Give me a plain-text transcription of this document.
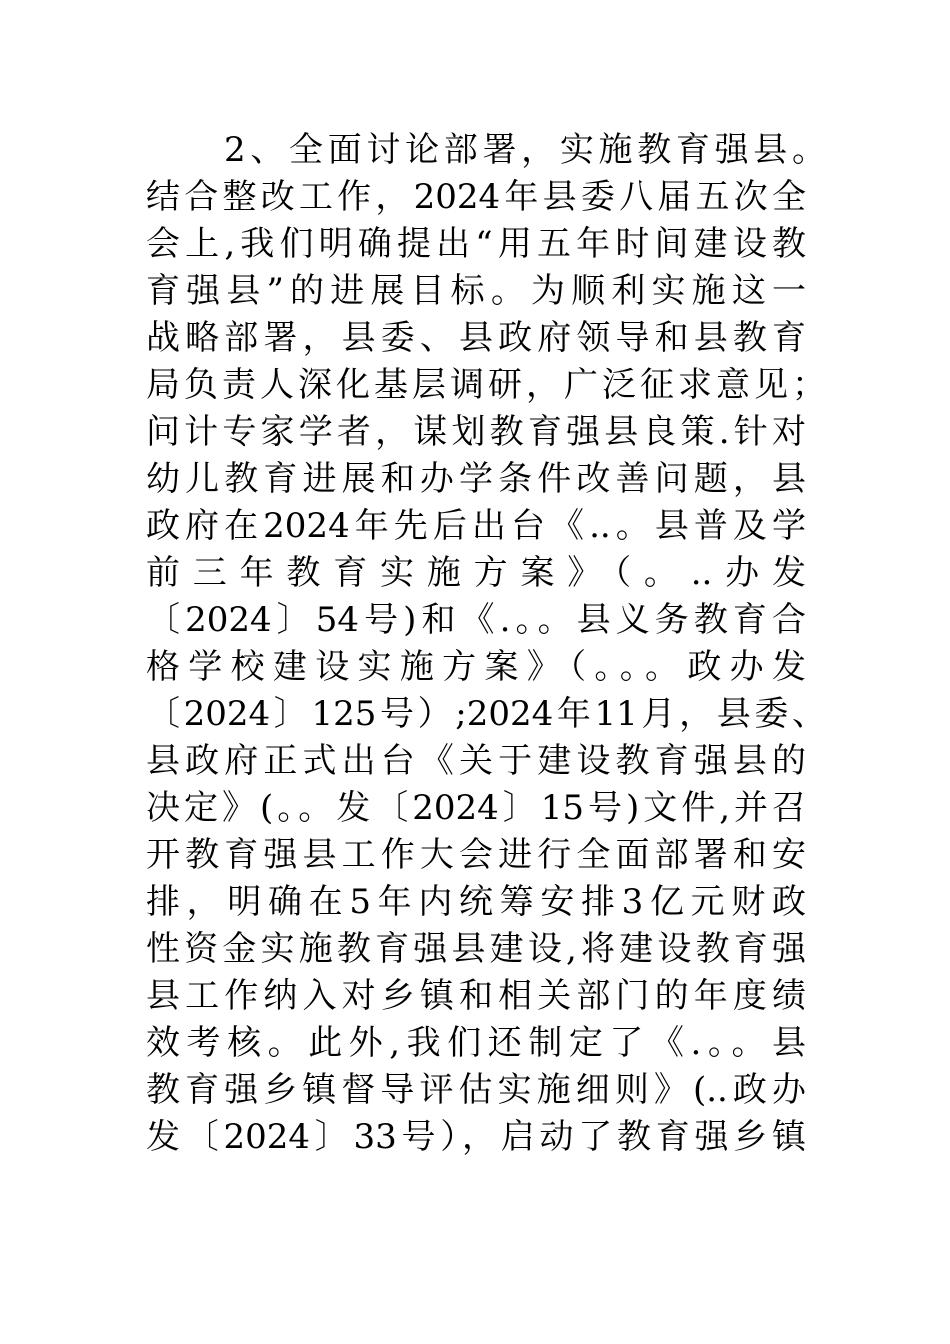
2、全面讨论部署，实施教育强县。
结合整改工作，2024年县委八届五次全
会上,我们明确提出“用五年时间建设教
育强县”的进展目标。为顺利实施这一
战略部署，县委、县政府领导和县教育
局负责人深化基层调研，广泛征求意见；
问计专家学者，谋划教育强县良策.针对
幼儿教育进展和办学条件改善问题，县
政府在2024年先后出台《..。县普及学
前三年教育实施方案》（。..办发
〔2024〕54号)和《.。。县义务教育合
格学校建设实施方案》（。。。政办发
〔2024〕125号）;2024年11月，县委、
县政府正式出台《关于建设教育强县的
决定》(。。发〔2024〕15号)文件,并召
开教育强县工作大会进行全面部署和安
排，明确在5年内统筹安排3亿元财政
性资金实施教育强县建设,将建设教育强
县工作纳入对乡镇和相关部门的年度绩
效考核。此外,我们还制定了《.。。县
教育强乡镇督导评估实施细则》(..政办
发〔2024〕33号），启动了教育强乡镇
